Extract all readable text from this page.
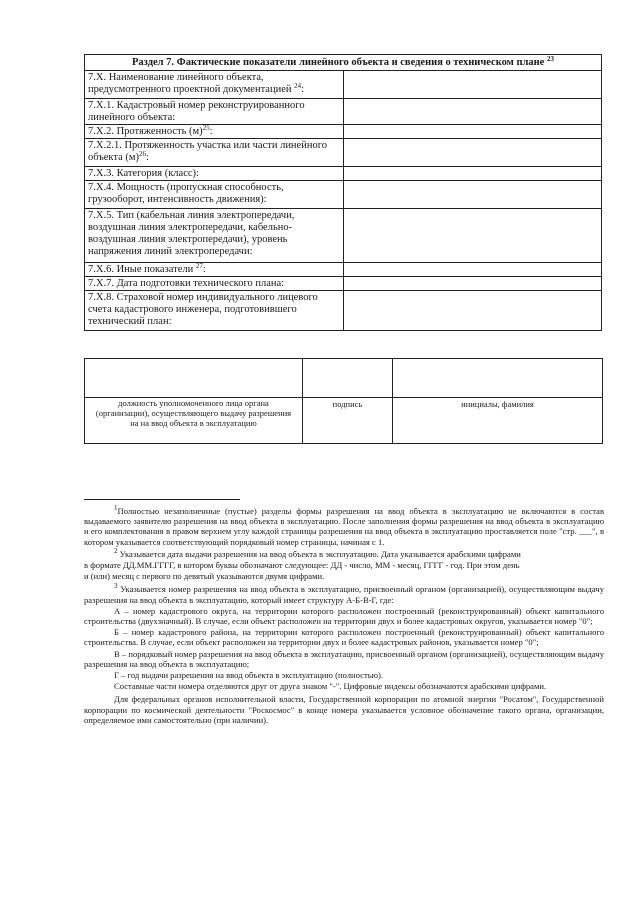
Раздел 7. Фактические показатели линейного объекта и сведения о техническом плане $^{23}$
7.X. Наименование линейного объекта, предусмотренного проектной документацией $^{24}$:	
7.X.1. Кадастровый номер реконструированного линейного объекта:	
7.X.2. Протяженность $(м)^{25}$:	
7.X.2.1. Протяженность участка или части линейного объекта $(м)^{26}$:	
7.X.3. Категория (класс):	
7.X.4. Мощность (пропускная способность, грузооборот, интенсивность движения):	
7.X.5. Тип (кабельная линия электропередачи, воздушная линия электропередачи, кабельно-воздушная линия электропередачи), уровень напряжения линий электропередачи:	
7.X.6. Иные показатели $^{27}$:	
7.X.7. Дата подготовки технического плана:	
7.X.8. Страховой номер индивидуального лицевого счета кадастрового инженера, подготовившего технический план:	

должность уполномоченного лица органа (организации), осуществляющего выдачу разрешения на на ввод объекта в эксплуатацию	подпись	инициалы, фамилия

$^1$Полностью незаполненные (пустые) разделы формы разрешения на ввод объекта в эксплуатацию не включаются в состав выдаваемого заявителю разрешения на ввод объекта в эксплуатацию. После заполнения формы разрешения на ввод объекта в эксплуатацию и его комплектования в правом верхнем углу каждой страницы разрешения на ввод объекта в эксплуатацию проставляется поле "стр. ___", в котором указывается соответствующий порядковый номер страницы, начиная с 1.

$^2$ Указывается дата выдачи разрешения на ввод объекта в эксплуатацию. Дата указывается арабскими цифрами

в формате ДД.ММ.ГГГГ, в котором буквы обозначают следующее: ДД - число, ММ - месяц, ГГГГ - год. При этом день

и (или) месяц с первого по девятый указываются двумя цифрами.

$^3$ Указывается номер разрешения на ввод объекта в эксплуатацию, присвоенный органом (организацией), осуществляющим выдачу разрешения на ввод объекта в эксплуатацию, который имеет структуру А-Б-В-Г, где:

А – номер кадастрового округа, на территории которого расположен построенный (реконструированный) объект капитального строительства (двухзначный). В случае, если объект расположен на территории двух и более кадастровых округов, указывается номер "0";

Б – номер кадастрового района, на территории которого расположен построенный (реконструированный) объект капитального строительства. В случае, если объект расположен на территории двух и более кадастровых районов, указывается номер "0";

В – порядковый номер разрешения на ввод объекта в эксплуатацию, присвоенный органом (организацией), осуществляющим выдачу разрешения на ввод объекта в эксплуатацию;

Г – год выдачи разрешения на ввод объекта в эксплуатацию (полностью).

Составные части номера отделяются друг от друга знаком "-". Цифровые индексы обозначаются арабскими цифрами.

Для федеральных органов исполнительной власти, Государственной корпорации по атомной энергии "Росатом", Государственной корпорации по космической деятельности "Роскосмос" в конце номера указывается условное обозначение такого органа, организации, определяемое ими самостоятельно (при наличии).
